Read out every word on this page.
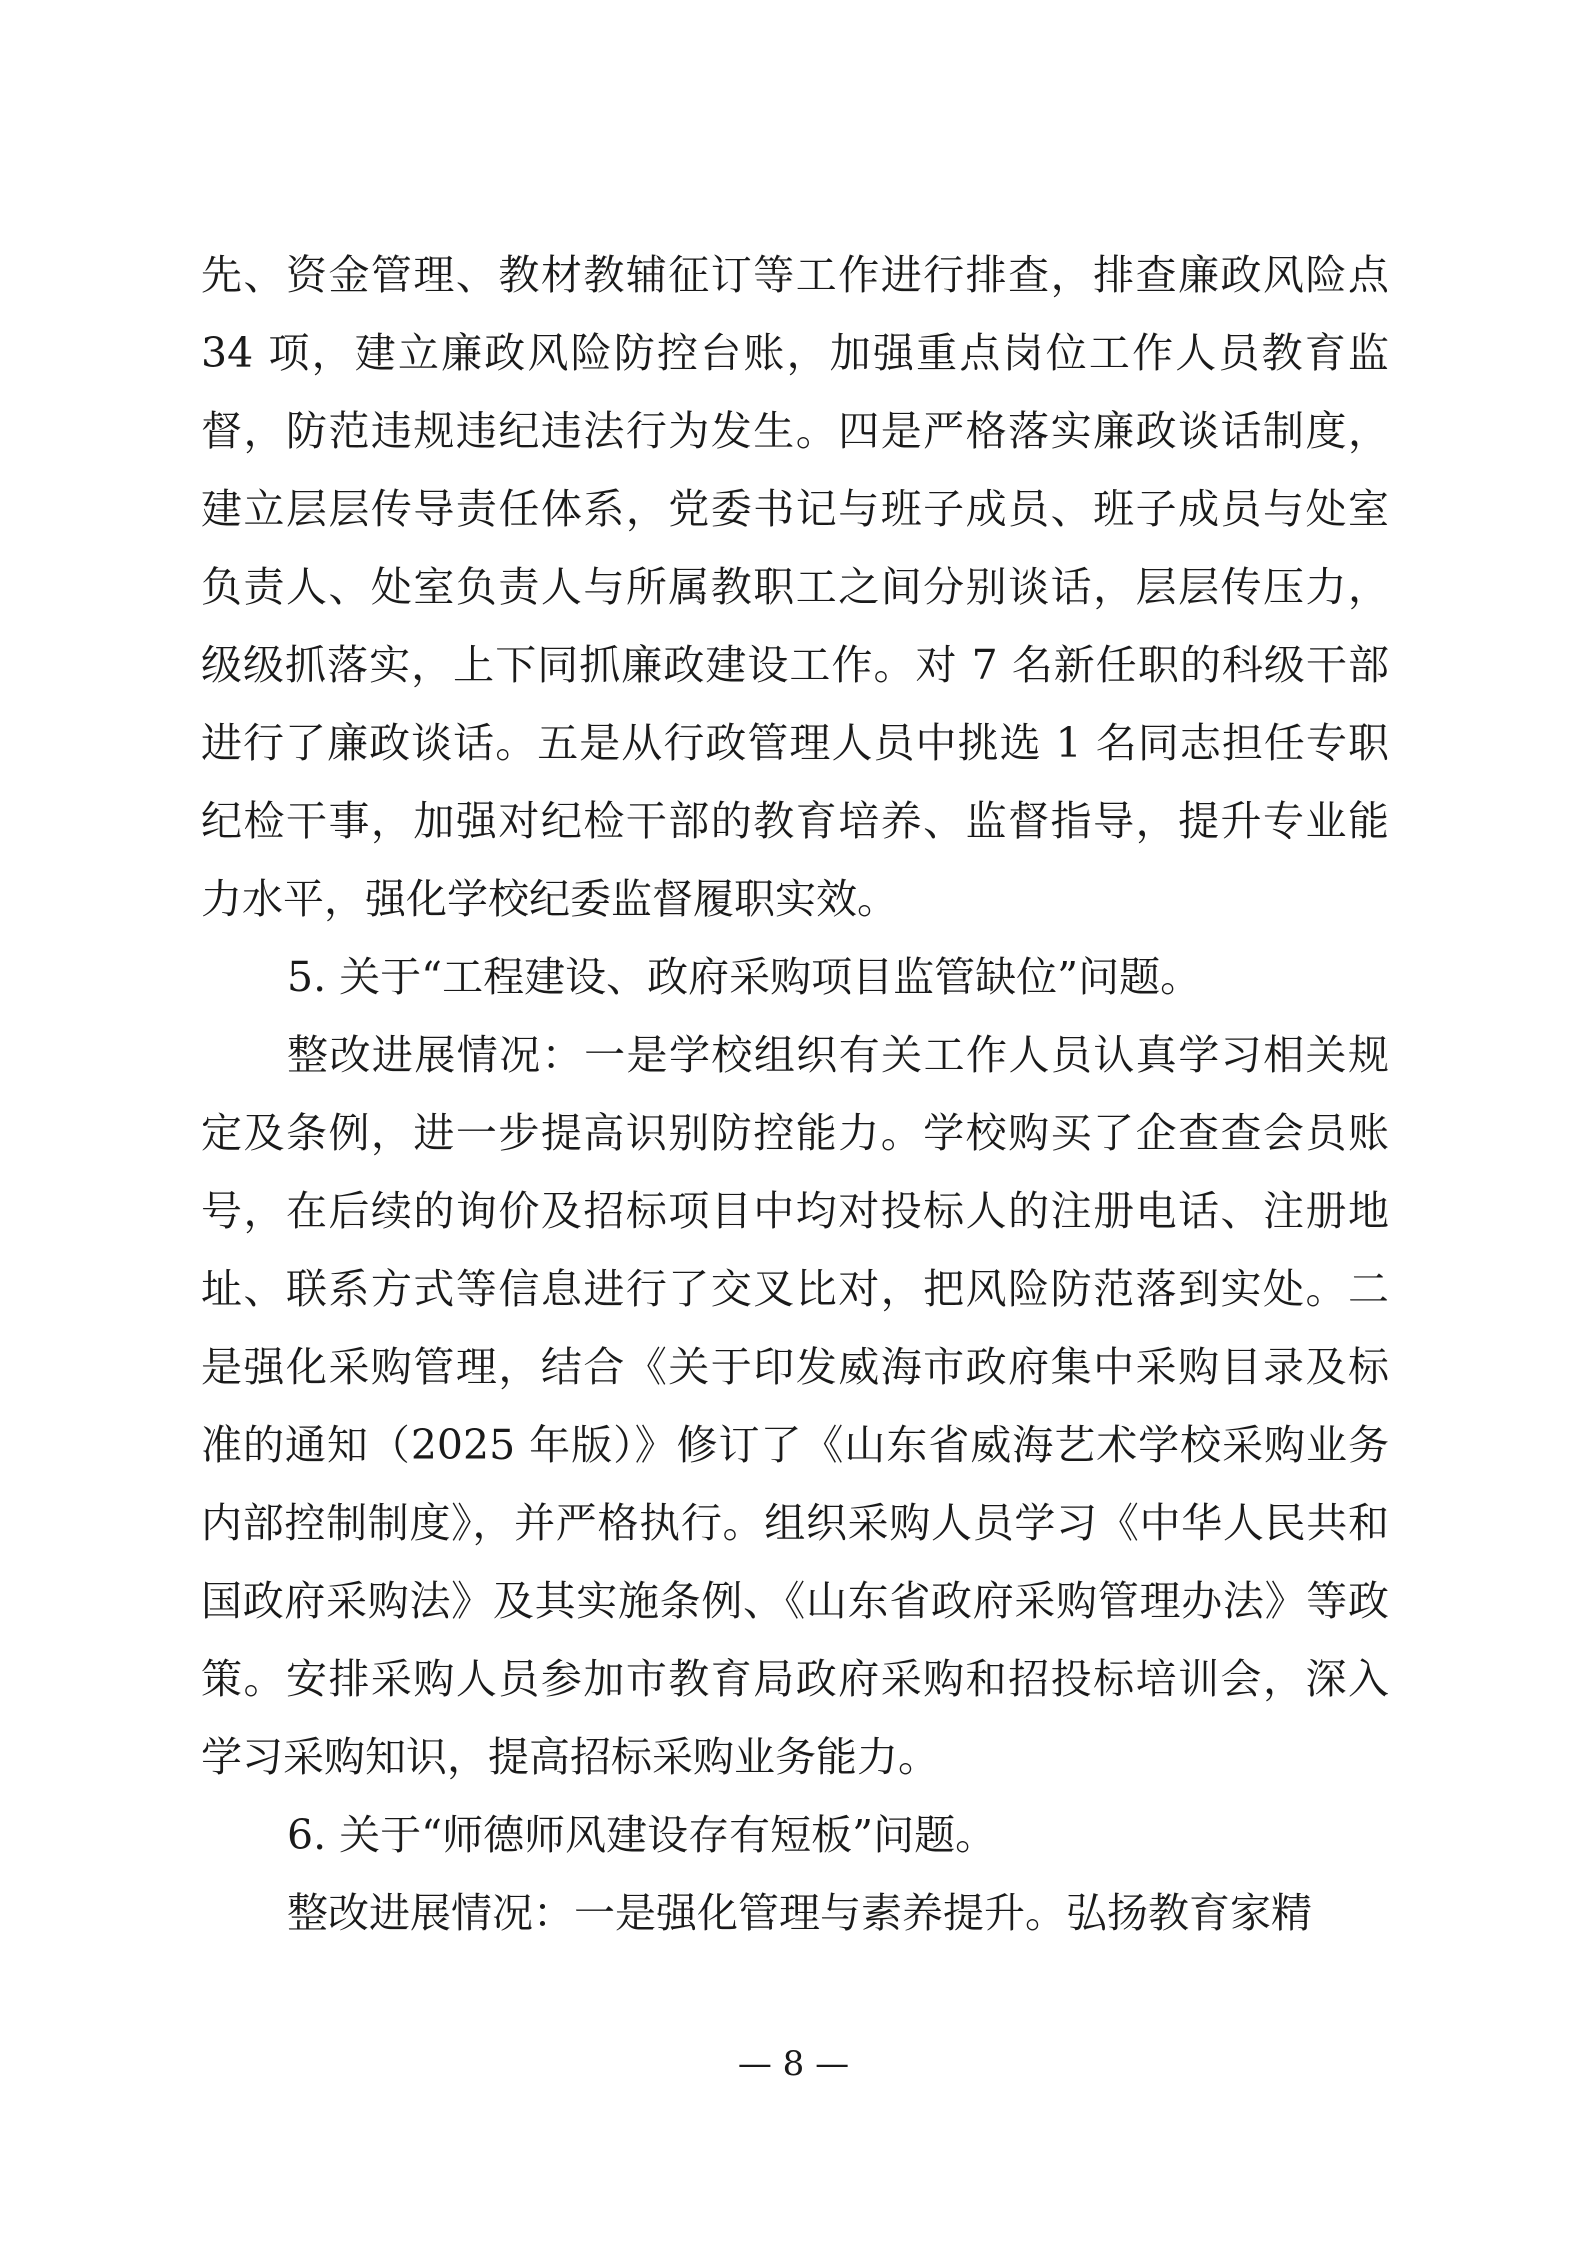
先、资金管理、教材教辅征订等工作进行排查，排查廉政风险点 34 项，建立廉政风险防控台账，加强重点岗位工作人员教育监督，防范违规违纪违法行为发生。四是严格落实廉政谈话制度，建立层层传导责任体系，党委书记与班子成员、班子成员与处室负责人、处室负责人与所属教职工之间分别谈话，层层传压力，级级抓落实，上下同抓廉政建设工作。对 7 名新任职的科级干部进行了廉政谈话。五是从行政管理人员中挑选 1 名同志担任专职纪检干事，加强对纪检干部的教育培养、监督指导，提升专业能力水平，强化学校纪委监督履职实效。

5. 关于“工程建设、政府采购项目监管缺位”问题。

整改进展情况：一是学校组织有关工作人员认真学习相关规定及条例，进一步提高识别防控能力。学校购买了企查查会员账号，在后续的询价及招标项目中均对投标人的注册电话、注册地址、联系方式等信息进行了交叉比对，把风险防范落到实处。二是强化采购管理，结合《关于印发威海市政府集中采购目录及标准的通知（2025 年版）》修订了《山东省威海艺术学校采购业务内部控制制度》，并严格执行。组织采购人员学习《中华人民共和国政府采购法》及其实施条例、《山东省政府采购管理办法》等政策。安排采购人员参加市教育局政府采购和招投标培训会，深入学习采购知识，提高招标采购业务能力。

6. 关于“师德师风建设存有短板”问题。

整改进展情况：一是强化管理与素养提升。弘扬教育家精

— 8 —
